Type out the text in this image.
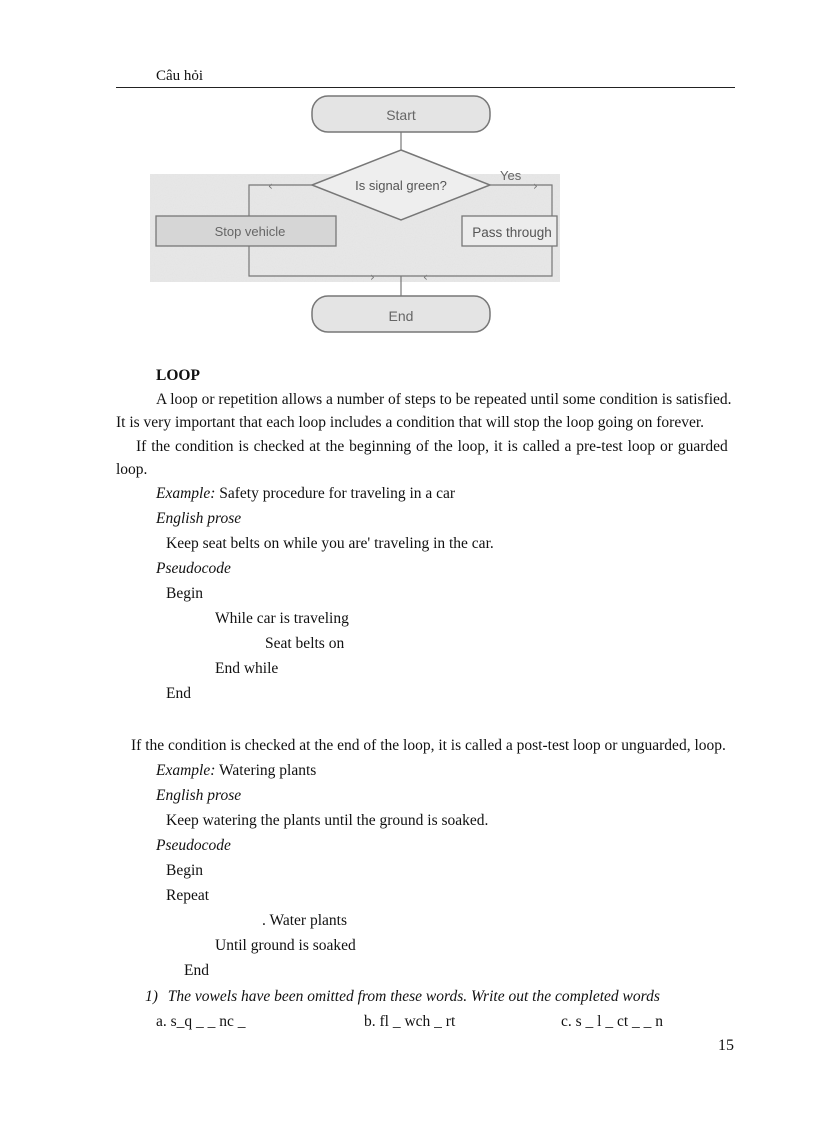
Câu hỏi
Start
Is signal green?
‹
Yes
›
Stop vehicle	Pass through
›	‹
End
LOOP
A loop or repetition allows a number of steps to be repeated until some condition is satisfied.
It is very important that each loop includes a condition that will stop the loop going on forever.
If the condition is checked at the beginning of the loop, it is called a pre-test loop or guarded
loop.
Example: Safety procedure for traveling in a car
English prose
Keep seat belts on while you are' traveling in the car.
Pseudocode
Begin
While car is traveling
Seat belts on
End while
End
If the condition is checked at the end of the loop, it is called a post-test loop or unguarded, loop.
Example: Watering plants
English prose
Keep watering the plants until the ground is soaked.
Pseudocode
Begin
Repeat
. Water plants
Until ground is soaked
End
1) The vowels have been omitted from these words. Write out the completed words
a. s_q _ _ nc _	b. fl _ wch _ rt	c. s _ l _ ct _ _ n
15
